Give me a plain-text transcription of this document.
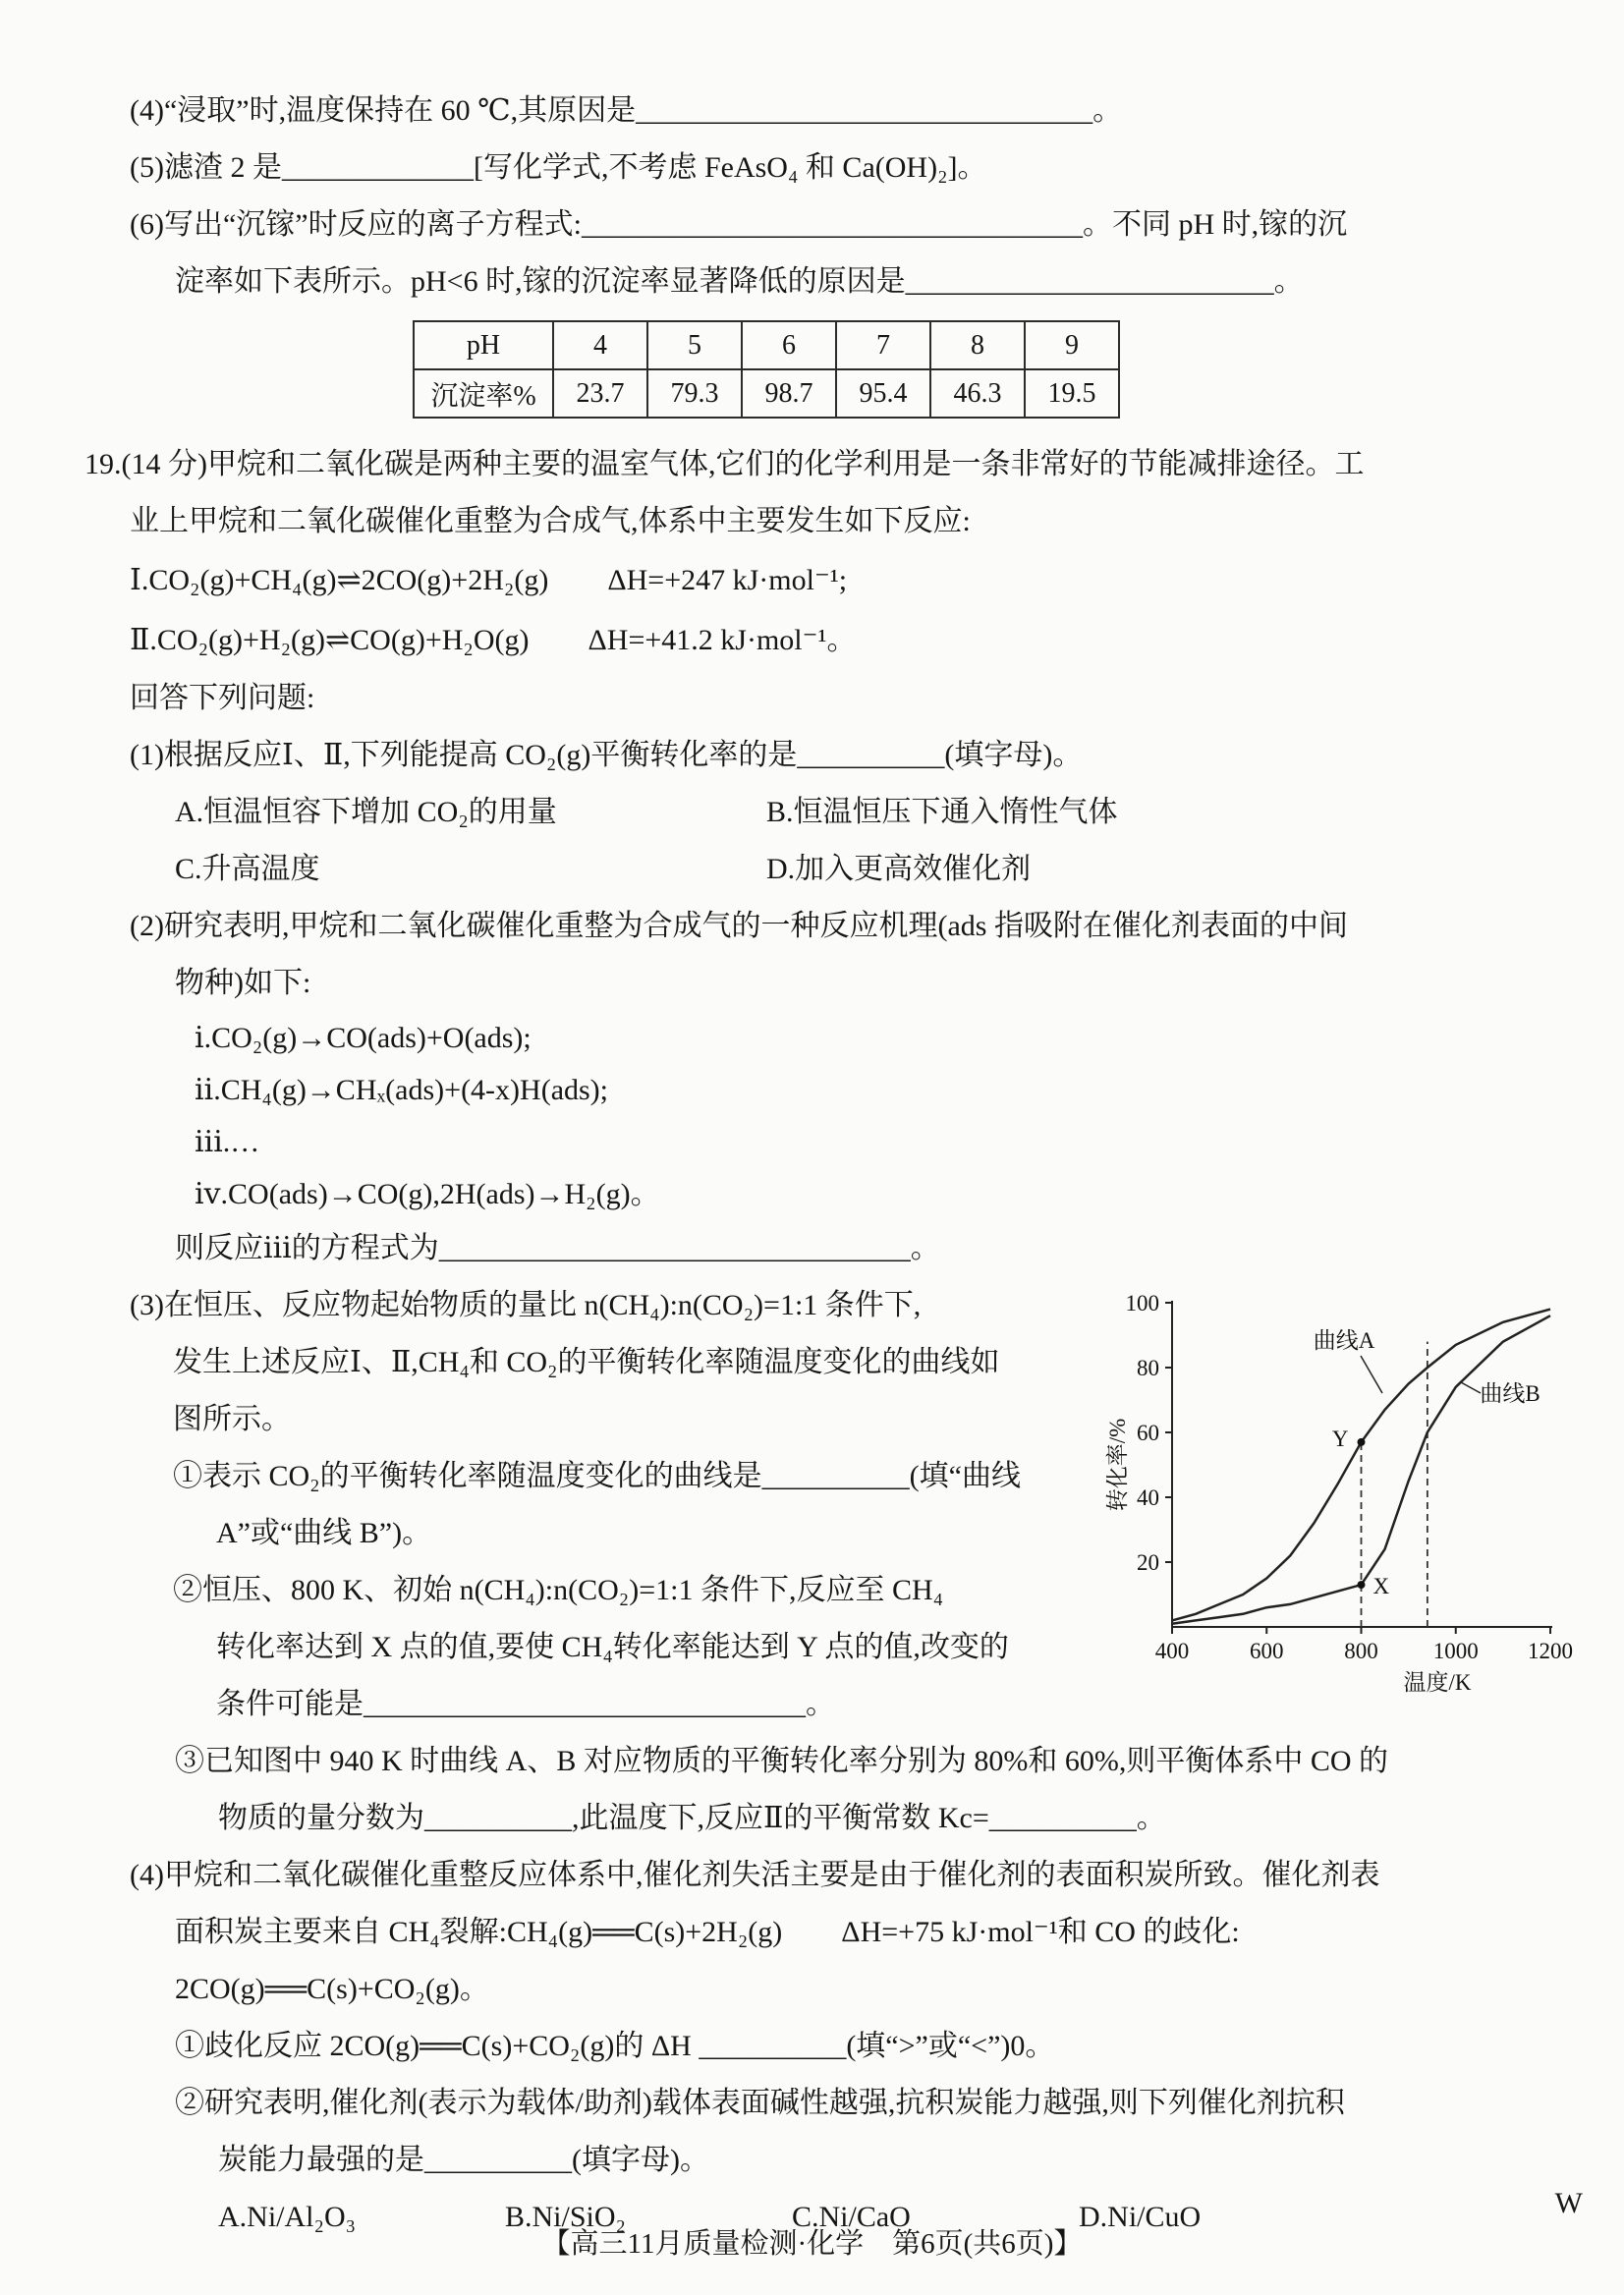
(4)“浸取”时,温度保持在 60 ℃,其原因是_______________________________。
(5)滤渣 2 是_____________[写化学式,不考虑 FeAsO₄ 和 Ca(OH)₂]。
(6)写出“沉镓”时反应的离子方程式:__________________________________。不同 pH 时,镓的沉
淀率如下表所示。pH<6 时,镓的沉淀率显著降低的原因是_________________________。
pH	4	5	6	7	8	9
沉淀率%	23.7	79.3	98.7	95.4	46.3	19.5
19.(14 分)甲烷和二氧化碳是两种主要的温室气体,它们的化学利用是一条非常好的节能减排途径。工
业上甲烷和二氧化碳催化重整为合成气,体系中主要发生如下反应:
Ⅰ.CO₂(g)+CH₄(g)⇌2CO(g)+2H₂(g)　　ΔH=+247 kJ·mol⁻¹;
Ⅱ.CO₂(g)+H₂(g)⇌CO(g)+H₂O(g)　　ΔH=+41.2 kJ·mol⁻¹。
回答下列问题:
(1)根据反应Ⅰ、Ⅱ,下列能提高 CO₂(g)平衡转化率的是__________(填字母)。
A.恒温恒容下增加 CO₂的用量	B.恒温恒压下通入惰性气体
C.升高温度	D.加入更高效催化剂
(2)研究表明,甲烷和二氧化碳催化重整为合成气的一种反应机理(ads 指吸附在催化剂表面的中间
物种)如下:
ⅰ.CO₂(g)→CO(ads)+O(ads);
ⅱ.CH₄(g)→CHₓ(ads)+(4-x)H(ads);
ⅲ.…
ⅳ.CO(ads)→CO(g),2H(ads)→H₂(g)。
则反应ⅲ的方程式为________________________________。
(3)在恒压、反应物起始物质的量比 n(CH₄):n(CO₂)=1:1 条件下,
发生上述反应Ⅰ、Ⅱ,CH₄和 CO₂的平衡转化率随温度变化的曲线如
图所示。
①表示 CO₂的平衡转化率随温度变化的曲线是__________(填“曲线
A”或“曲线 B”)。
②恒压、800 K、初始 n(CH₄):n(CO₂)=1:1 条件下,反应至 CH₄
转化率达到 X 点的值,要使 CH₄转化率能达到 Y 点的值,改变的
条件可能是______________________________。
400	600	800 1000 1200
20
40
60
80
100
X
Y
曲线A
曲线B
转化率/%
温度/K
③已知图中 940 K 时曲线 A、B 对应物质的平衡转化率分别为 80%和 60%,则平衡体系中 CO 的
物质的量分数为__________,此温度下,反应Ⅱ的平衡常数 Kc=__________。
(4)甲烷和二氧化碳催化重整反应体系中,催化剂失活主要是由于催化剂的表面积炭所致。催化剂表
面积炭主要来自 CH₄裂解:CH₄(g)══C(s)+2H₂(g)　　ΔH=+75 kJ·mol⁻¹和 CO 的歧化:
2CO(g)══C(s)+CO₂(g)。
①歧化反应 2CO(g)══C(s)+CO₂(g)的 ΔH __________(填“>”或“<”)0。
②研究表明,催化剂(表示为载体/助剂)载体表面碱性越强,抗积炭能力越强,则下列催化剂抗积
炭能力最强的是__________(填字母)。
A.Ni/Al₂O₃	B.Ni/SiO₂	C.Ni/CaO	D.Ni/CuO
【高三11月质量检测·化学　第6页(共6页)】
W
